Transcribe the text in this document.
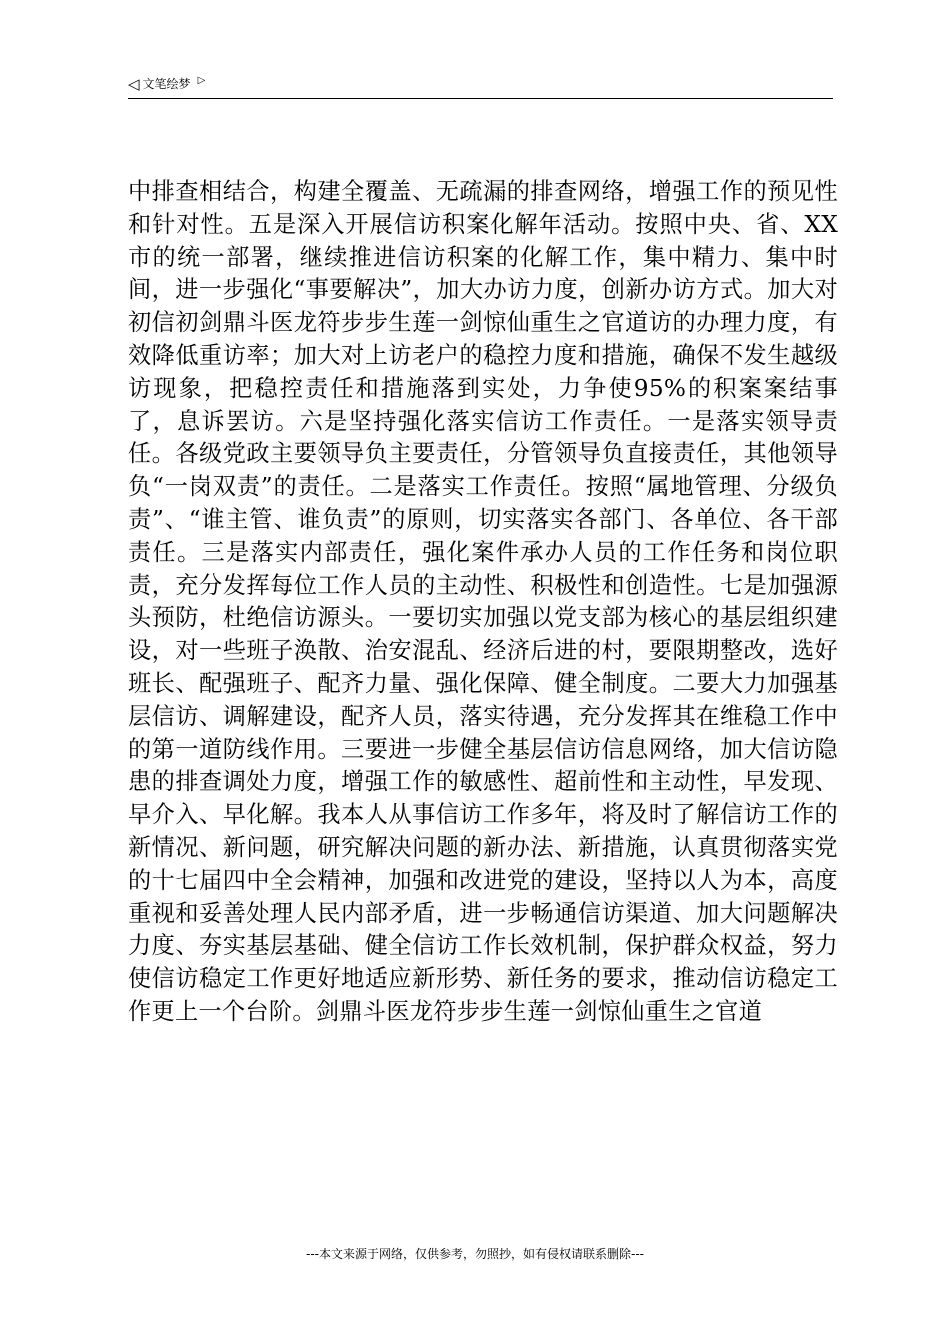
◁ 文笔绘梦 ▷

中排查相结合，构建全覆盖、无疏漏的排查网络，增强工作的预见性和针对性。五是深入开展信访积案化解年活动。按照中央、省、XX市的统一部署，继续推进信访积案的化解工作，集中精力、集中时间，进一步强化“事要解决”，加大办访力度，创新办访方式。加大对初信初剑鼎斗医龙符步步生莲一剑惊仙重生之官道访的办理力度，有效降低重访率；加大对上访老户的稳控力度和措施，确保不发生越级访现象，把稳控责任和措施落到实处，力争使95%的积案案结事了，息诉罢访。六是坚持强化落实信访工作责任。一是落实领导责任。各级党政主要领导负主要责任，分管领导负直接责任，其他领导负“一岗双责”的责任。二是落实工作责任。按照“属地管理、分级负责”、“谁主管、谁负责”的原则，切实落实各部门、各单位、各干部责任。三是落实内部责任，强化案件承办人员的工作任务和岗位职责，充分发挥每位工作人员的主动性、积极性和创造性。七是加强源头预防，杜绝信访源头。一要切实加强以党支部为核心的基层组织建设，对一些班子涣散、治安混乱、经济后进的村，要限期整改，选好班长、配强班子、配齐力量、强化保障、健全制度。二要大力加强基层信访、调解建设，配齐人员，落实待遇，充分发挥其在维稳工作中的第一道防线作用。三要进一步健全基层信访信息网络，加大信访隐患的排查调处力度，增强工作的敏感性、超前性和主动性，早发现、早介入、早化解。我本人从事信访工作多年，将及时了解信访工作的新情况、新问题，研究解决问题的新办法、新措施，认真贯彻落实党的十七届四中全会精神，加强和改进党的建设，坚持以人为本，高度重视和妥善处理人民内部矛盾，进一步畅通信访渠道、加大问题解决力度、夯实基层基础、健全信访工作长效机制，保护群众权益，努力使信访稳定工作更好地适应新形势、新任务的要求，推动信访稳定工作更上一个台阶。剑鼎斗医龙符步步生莲一剑惊仙重生之官道

---本文来源于网络，仅供参考，勿照抄，如有侵权请联系删除---
